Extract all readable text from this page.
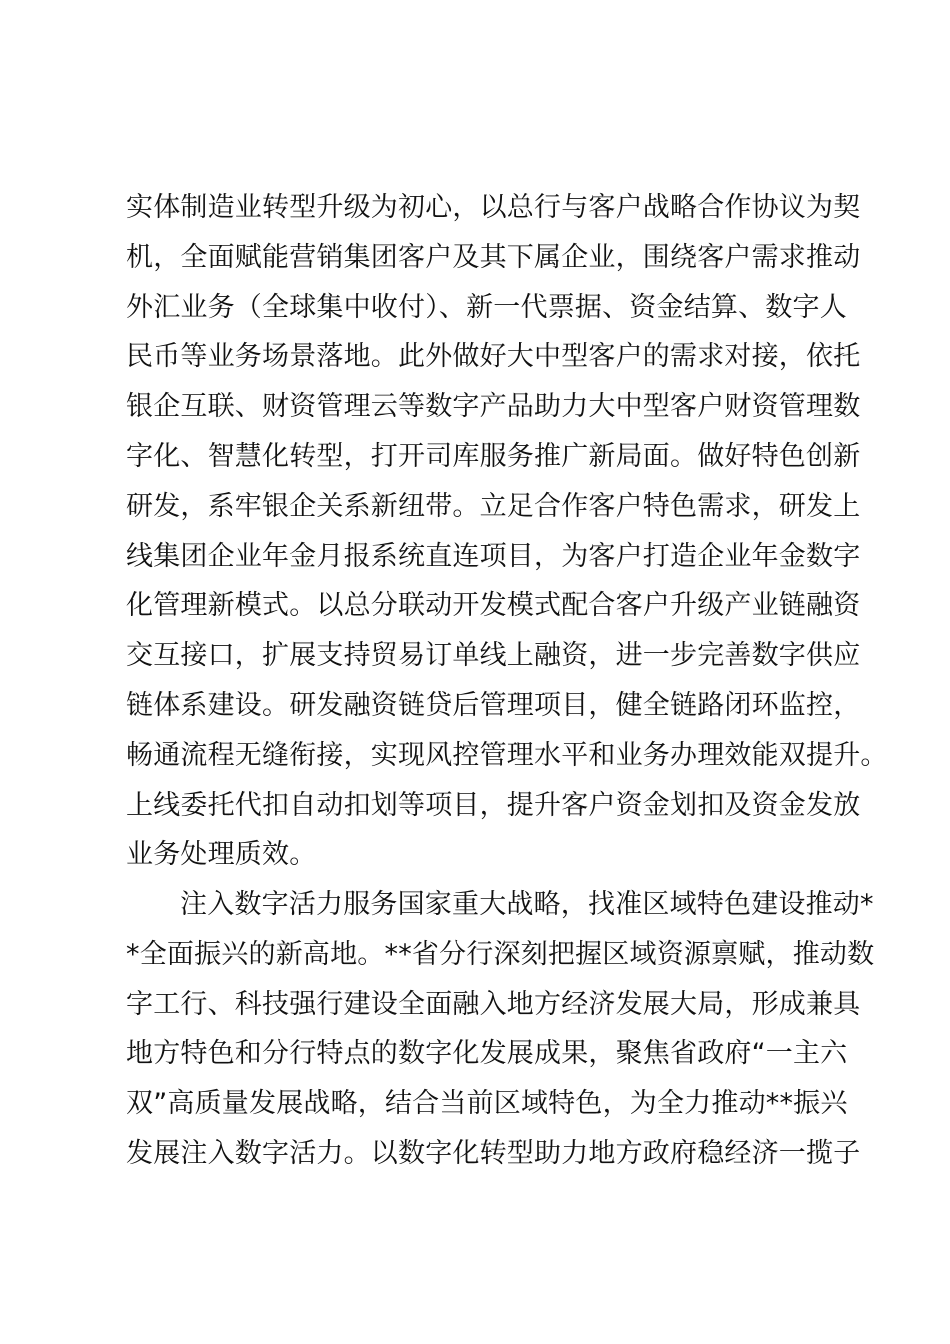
实体制造业转型升级为初心，以总行与客户战略合作协议为契
机，全面赋能营销集团客户及其下属企业，围绕客户需求推动
外汇业务（全球集中收付）、新一代票据、资金结算、数字人
民币等业务场景落地。此外做好大中型客户的需求对接，依托
银企互联、财资管理云等数字产品助力大中型客户财资管理数
字化、智慧化转型，打开司库服务推广新局面。做好特色创新
研发，系牢银企关系新纽带。立足合作客户特色需求，研发上
线集团企业年金月报系统直连项目，为客户打造企业年金数字
化管理新模式。以总分联动开发模式配合客户升级产业链融资
交互接口，扩展支持贸易订单线上融资，进一步完善数字供应
链体系建设。研发融资链贷后管理项目，健全链路闭环监控，
畅通流程无缝衔接，实现风控管理水平和业务办理效能双提升。
上线委托代扣自动扣划等项目，提升客户资金划扣及资金发放
业务处理质效。
注入数字活力服务国家重大战略，找准区域特色建设推动*
*全面振兴的新高地。**省分行深刻把握区域资源禀赋，推动数
字工行、科技强行建设全面融入地方经济发展大局，形成兼具
地方特色和分行特点的数字化发展成果，聚焦省政府“一主六
双”高质量发展战略，结合当前区域特色，为全力推动**振兴
发展注入数字活力。以数字化转型助力地方政府稳经济一揽子
